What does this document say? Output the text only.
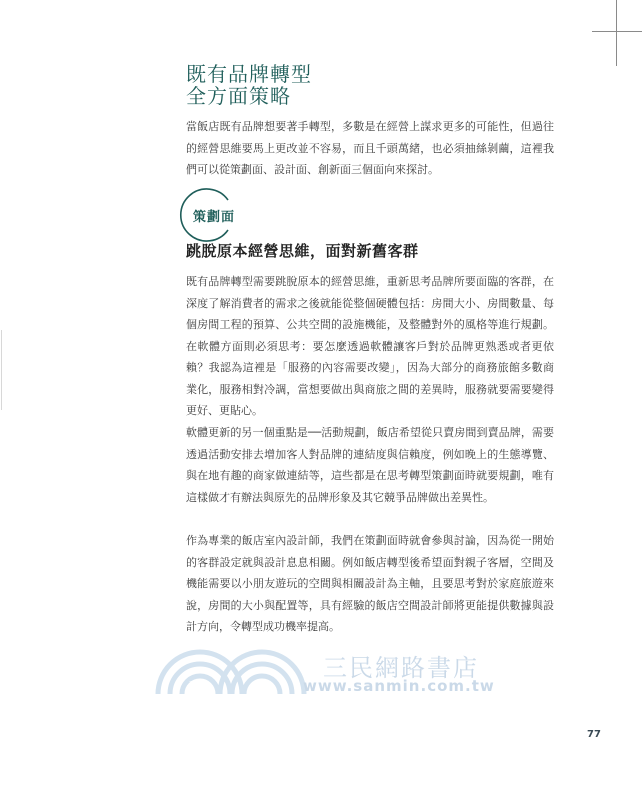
既有品牌轉型
全方面策略

當飯店既有品牌想要著手轉型，多數是在經營上謀求更多的可能性，但過往的經營思維要馬上更改並不容易，而且千頭萬緒，也必須抽絲剝繭，這裡我們可以從策劃面、設計面、創新面三個面向來探討。

策劃面
跳脫原本經營思維，面對新舊客群

既有品牌轉型需要跳脫原本的經營思維，重新思考品牌所要面臨的客群，在深度了解消費者的需求之後就能從整個硬體包括：房間大小、房間數量、每個房間工程的預算、公共空間的設施機能，及整體對外的風格等進行規劃。在軟體方面則必須思考：要怎麼透過軟體讓客戶對於品牌更熟悉或者更依賴？我認為這裡是「服務的內容需要改變」，因為大部分的商務旅館多數商業化，服務相對冷調，當想要做出與商旅之間的差異時，服務就要需要變得更好、更貼心。

軟體更新的另一個重點是──活動規劃，飯店希望從只賣房間到賣品牌，需要透過活動安排去增加客人對品牌的連結度與信賴度，例如晚上的生態導覽、與在地有趣的商家做連結等，這些都是在思考轉型策劃面時就要規劃，唯有這樣做才有辦法與原先的品牌形象及其它競爭品牌做出差異性。

作為專業的飯店室內設計師，我們在策劃面時就會參與討論，因為從一開始的客群設定就與設計息息相關。例如飯店轉型後希望面對親子客層，空間及機能需要以小朋友遊玩的空間與相關設計為主軸，且要思考對於家庭旅遊來說，房間的大小與配置等，具有經驗的飯店空間設計師將更能提供數據與設計方向，令轉型成功機率提高。

三	民
三民網路書店
www.sanmin.com.tw
77
